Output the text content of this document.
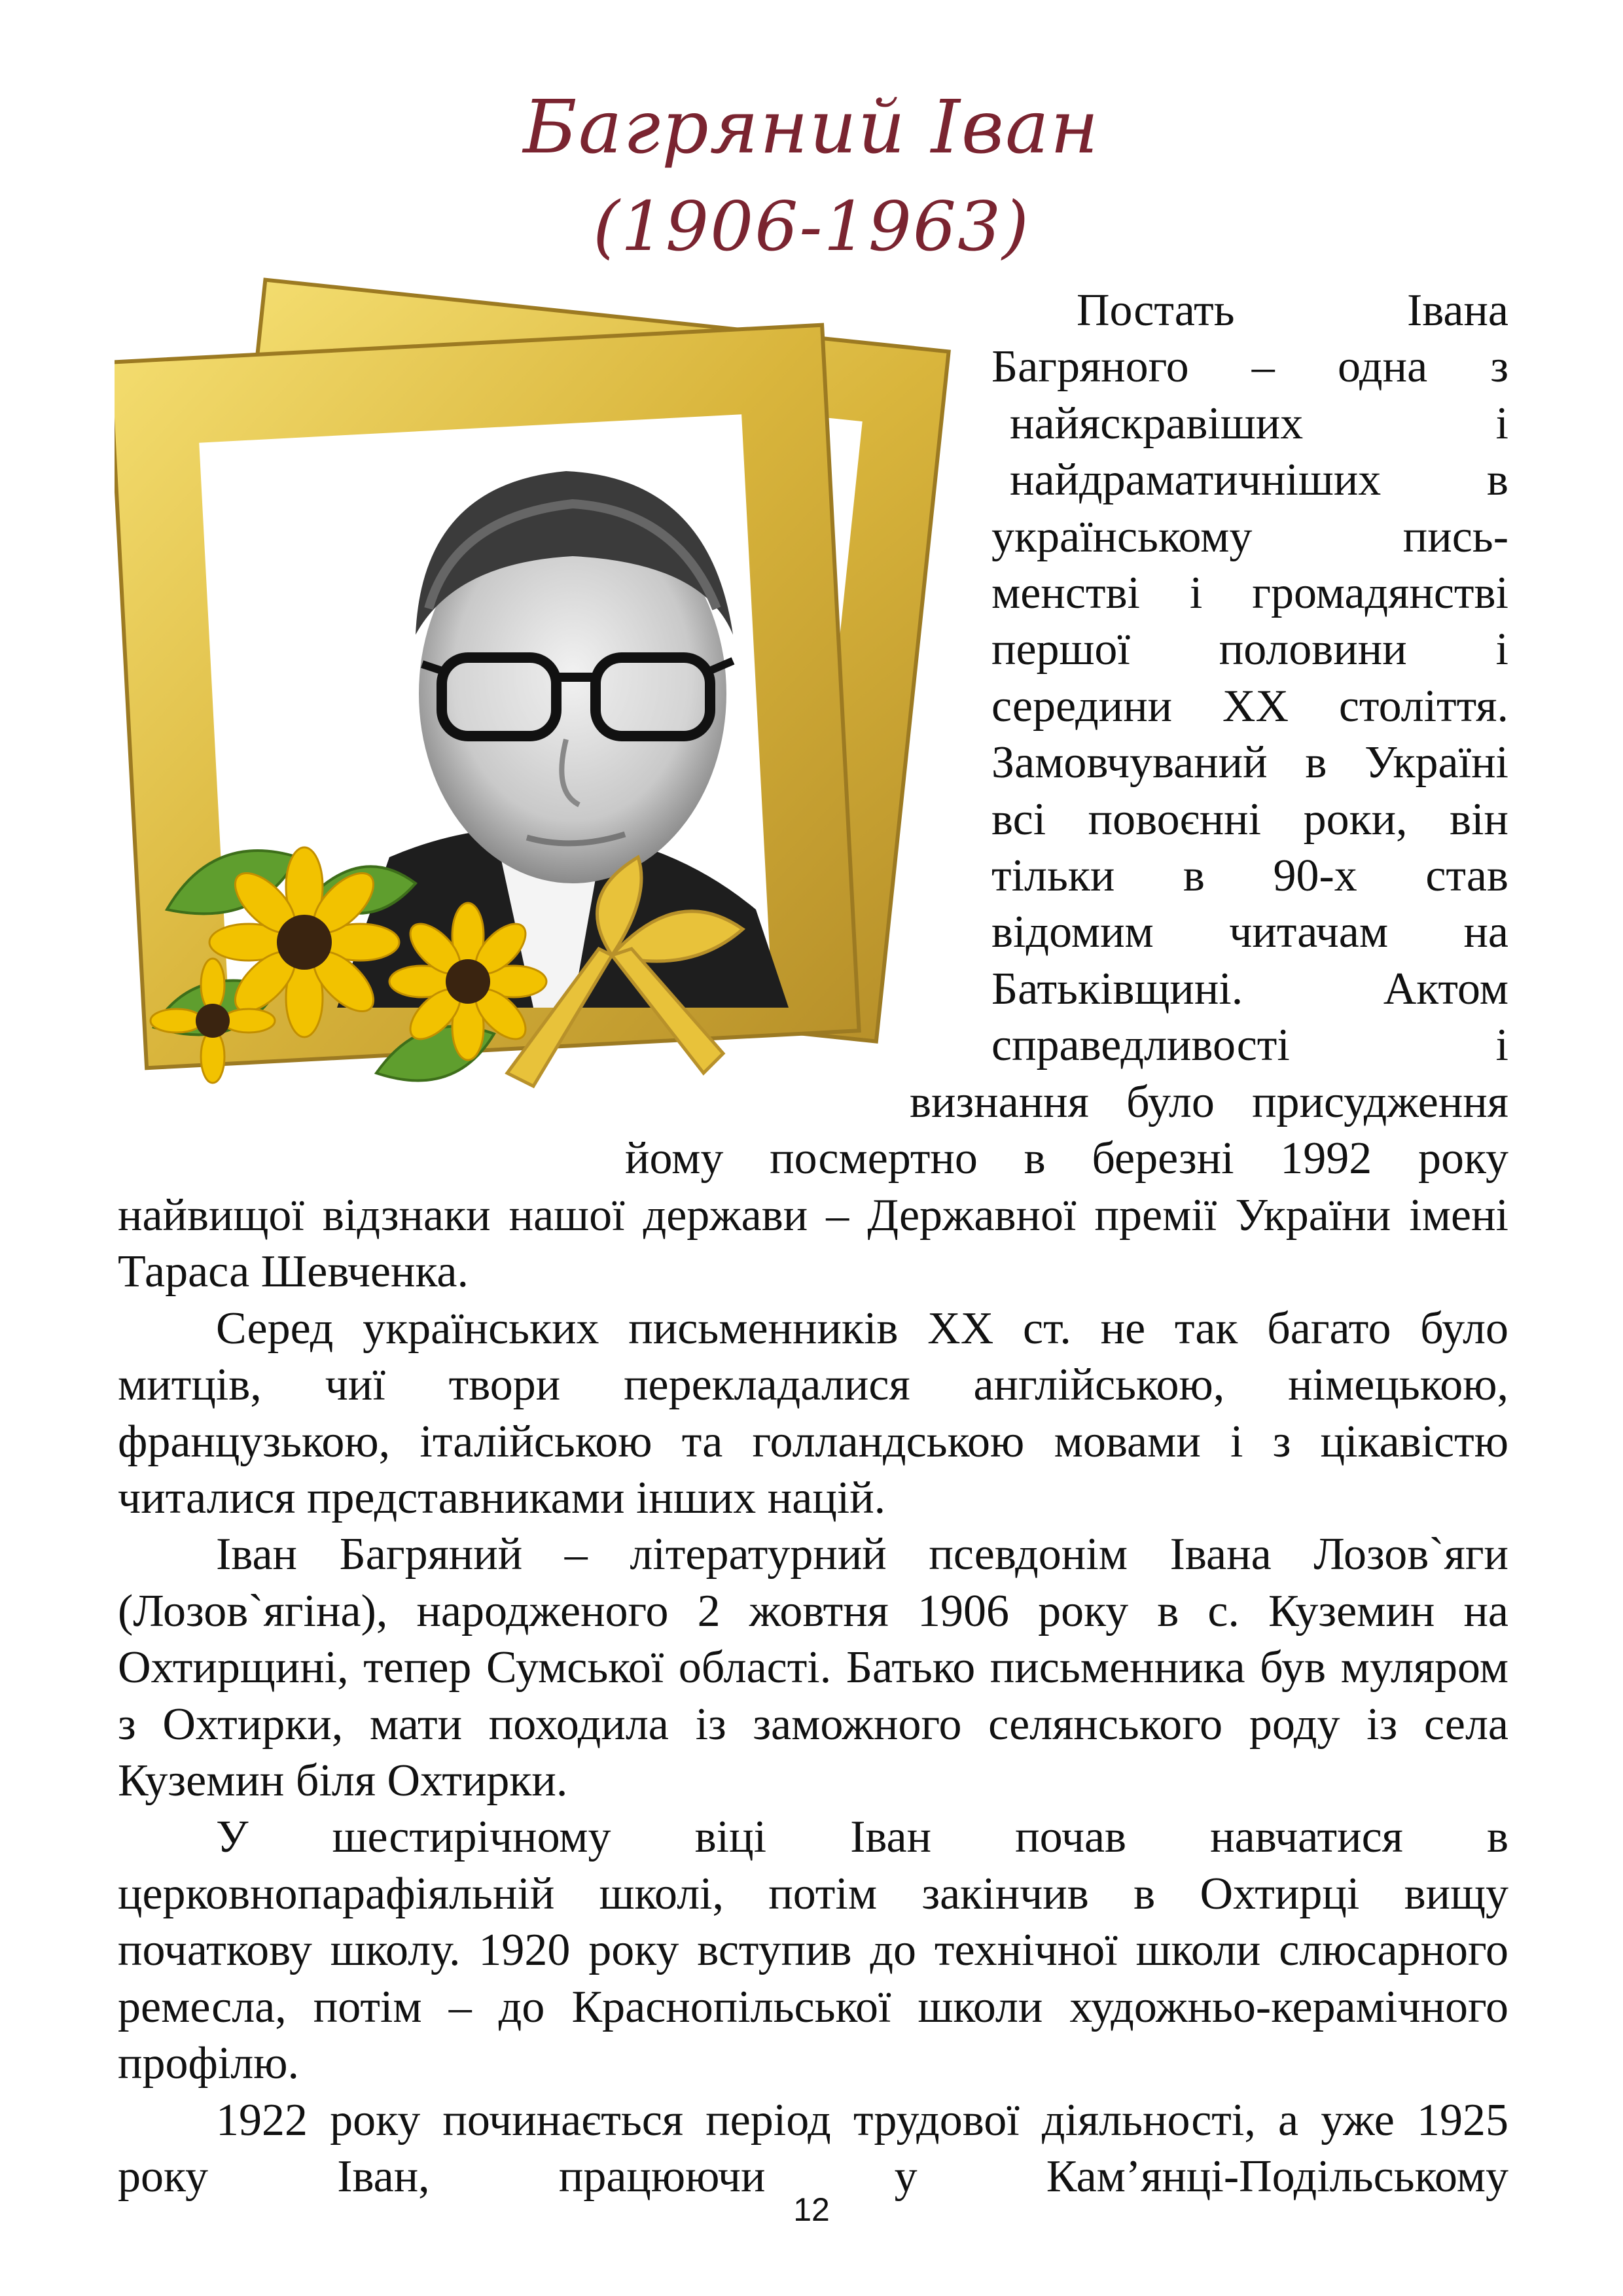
Багряний Іван
(1906-1963)
Постать Івана
Багряного – одна з
найяскравіших і
найдраматичніших в
українському пись-
менстві і громадянстві
першої половини і
середини XX століття.
Замовчуваний в Україні
всі повоєнні роки, він
тільки в 90-х став
відомим читачам на
Батьківщині. Актом
справедливості і
визнання було присудження
йому посмертно в березні 1992 року

найвищої відзнаки нашої держави – Державної премії України імені Тараса Шевченка.

Серед українських письменників XX ст. не так багато було митців, чиї твори перекладалися англійською, німецькою, французькою, італійською та голландською мовами і з цікавістю читалися представниками інших націй.

Іван Багряний – літературний псевдонім Івана Лозов`яги (Лозов`ягіна), народженого 2 жовтня 1906 року в с. Куземин на Охтирщині, тепер Сумської області. Батько письменника був муляром з Охтирки, мати походила із заможного селянського роду із села Куземин біля Охтирки.

У шестирічному віці Іван почав навчатися в церковнопарафіяльній школі, потім закінчив в Охтирці вищу початкову школу. 1920 року вступив до технічної школи слюсарного ремесла, потім – до Краснопільської школи художньо-керамічного профілю.

1922 року починається період трудової діяльності, а уже 1925 року Іван, працюючи у Кам’янці-Подільському

12
